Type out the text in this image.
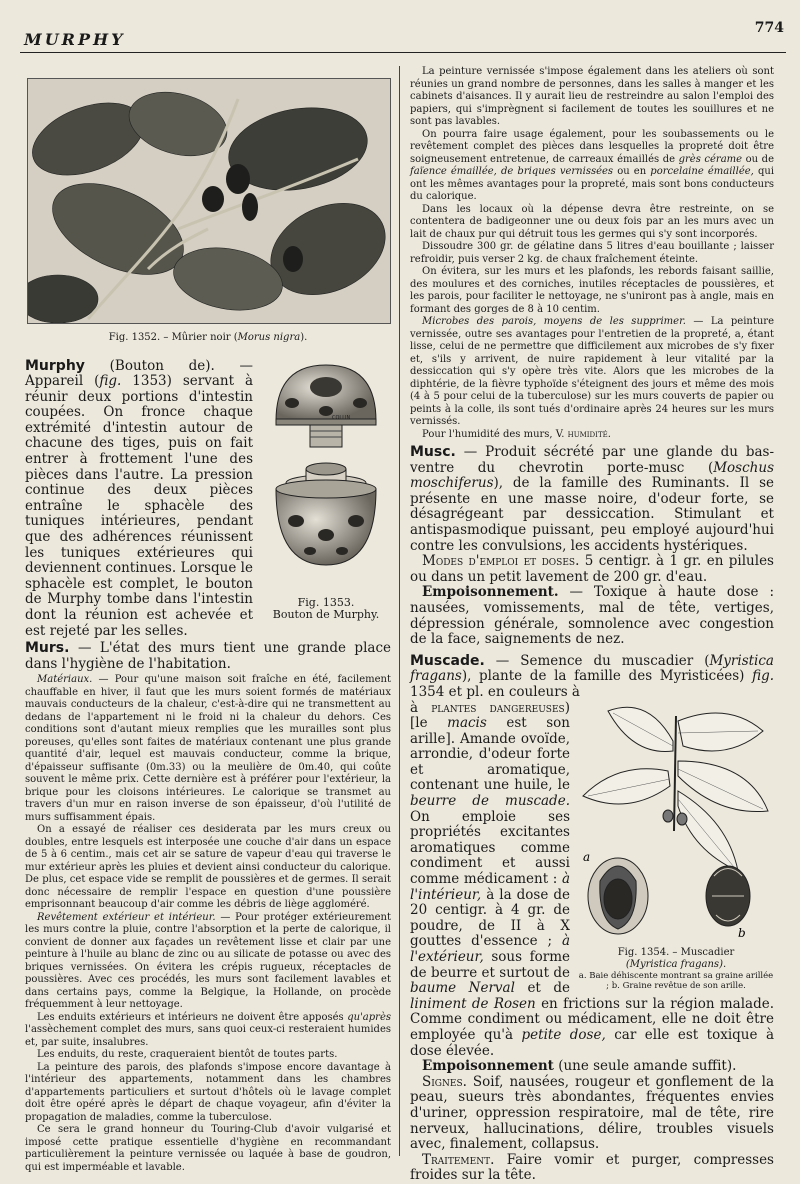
MURPHY
774
Fig. 1352. – Mûrier noir (Morus nigra).
COLLIN
Fig. 1353.
Bouton de Murphy.

Murphy (Bouton de). — Appareil (fig. 1353) servant à réunir deux portions d'intestin coupées. On fronce chaque extrémité d'intestin autour de chacune des tiges, puis on fait entrer à frottement l'une des pièces dans l'autre. La pression continue des deux pièces entraîne le sphacèle des tuniques intérieures, pendant que des adhérences réunissent les tuniques extérieures qui deviennent continues. Lorsque le sphacèle est complet, le bouton de Murphy tombe dans l'intestin dont la réunion est achevée et est rejeté par les selles.

Murs. — L'état des murs tient une grande place dans l'hygiène de l'habitation.

Matériaux. — Pour qu'une maison soit fraîche en été, facilement chauffable en hiver, il faut que les murs soient formés de matériaux mauvais conducteurs de la chaleur, c'est-à-dire qui ne transmettent au dedans de l'appartement ni le froid ni la chaleur du dehors. Ces conditions sont d'autant mieux remplies que les murailles sont plus poreuses, qu'elles sont faites de matériaux contenant une plus grande quantité d'air, lequel est mauvais conducteur, comme la brique, d'épaisseur suffisante (0m.33) ou la meulière de 0m.40, qui coûte souvent le même prix. Cette dernière est à préférer pour l'extérieur, la brique pour les cloisons intérieures. Le calorique se transmet au travers d'un mur en raison inverse de son épaisseur, d'où l'utilité de murs suffisamment épais.

On a essayé de réaliser ces desiderata par les murs creux ou doubles, entre lesquels est interposée une couche d'air dans un espace de 5 à 6 centim., mais cet air se sature de vapeur d'eau qui traverse le mur extérieur après les pluies et devient ainsi conducteur du calorique. De plus, cet espace vide se remplit de poussières et de germes. Il serait donc nécessaire de remplir l'espace en question d'une poussière emprisonnant beaucoup d'air comme les débris de liège aggloméré.

Revêtement extérieur et intérieur. — Pour protéger extérieurement les murs contre la pluie, contre l'absorption et la perte de calorique, il convient de donner aux façades un revêtement lisse et clair par une peinture à l'huile au blanc de zinc ou au silicate de potasse ou avec des briques vernissées. On évitera les crépis rugueux, réceptacles de poussières. Avec ces procédés, les murs sont facilement lavables et dans certains pays, comme la Belgique, la Hollande, on procède fréquemment à leur nettoyage.

Les enduits extérieurs et intérieurs ne doivent être apposés qu'après l'assèchement complet des murs, sans quoi ceux-ci resteraient humides et, par suite, insalubres.

Les enduits, du reste, craqueraient bientôt de toutes parts.

La peinture des parois, des plafonds s'impose encore davantage à l'intérieur des appartements, notamment dans les chambres d'appartements particuliers et surtout d'hôtels où le lavage complet doit être opéré après le départ de chaque voyageur, afin d'éviter la propagation de maladies, comme la tuberculose.

Ce sera le grand honneur du Touring-Club d'avoir vulgarisé et imposé cette pratique essentielle d'hygiène en recommandant particulièrement la peinture vernissée ou laquée à base de goudron, qui est imperméable et lavable.

La peinture vernissée s'impose également dans les ateliers où sont réunies un grand nombre de personnes, dans les salles à manger et les cabinets d'aisances. Il y aurait lieu de restreindre au salon l'emploi des papiers, qui s'imprègnent si facilement de toutes les souillures et ne sont pas lavables.

On pourra faire usage également, pour les soubassements ou le revêtement complet des pièces dans lesquelles la propreté doit être soigneusement entretenue, de carreaux émaillés de grès cérame ou de faïence émaillée, de briques vernissées ou en porcelaine émaillée, qui ont les mêmes avantages pour la propreté, mais sont bons conducteurs du calorique.

Dans les locaux où la dépense devra être restreinte, on se contentera de badigeonner une ou deux fois par an les murs avec un lait de chaux pur qui détruit tous les germes qui s'y sont incorporés.

Dissoudre 300 gr. de gélatine dans 5 litres d'eau bouillante ; laisser refroidir, puis verser 2 kg. de chaux fraîchement éteinte.

On évitera, sur les murs et les plafonds, les rebords faisant saillie, des moulures et des corniches, inutiles réceptacles de poussières, et les parois, pour faciliter le nettoyage, ne s'uniront pas à angle, mais en formant des gorges de 8 à 10 centim.

Microbes des parois, moyens de les supprimer. — La peinture vernissée, outre ses avantages pour l'entretien de la propreté, a, étant lisse, celui de ne permettre que difficilement aux microbes de s'y fixer et, s'ils y arrivent, de nuire rapidement à leur vitalité par la dessiccation qui s'y opère très vite. Alors que les microbes de la diphtérie, de la fièvre typhoïde s'éteignent des jours et même des mois (4 à 5 pour celui de la tuberculose) sur les murs couverts de papier ou peints à la colle, ils sont tués d'ordinaire après 24 heures sur les murs vernissés.

Pour l'humidité des murs, V. humidité.

Musc. — Produit sécrété par une glande du bas-ventre du chevrotin porte-musc (Moschus moschiferus), de la famille des Ruminants. Il se présente en une masse noire, d'odeur forte, se désagrégeant par dessiccation. Stimulant et antispasmodique puissant, peu employé aujourd'hui contre les convulsions, les accidents hystériques.

Modes d'emploi et doses. 5 centigr. à 1 gr. en pilules ou dans un petit lavement de 200 gr. d'eau.

Empoisonnement. — Toxique à haute dose : nausées, vomissements, mal de tête, vertiges, dépression générale, somnolence avec congestion de la face, saignements de nez.

Muscade. — Semence du muscadier (Myristica fragans), plante de la famille des Myristicées) fig. 1354 et pl. en couleurs à

a
b
Fig. 1354. – Muscadier
(Myristica fragans).
a. Baie déhiscente montrant sa graine arillée ; b. Graine revêtue de son arille.

à plantes dangereuses) [le macis est son arille]. Amande ovoïde, arrondie, d'odeur forte et aromatique, contenant une huile, le beurre de muscade. On emploie ses propriétés excitantes aromatiques comme condiment et aussi comme médicament : à l'intérieur, à la dose de 20 centigr. à 4 gr. de poudre, de II à X gouttes d'essence ; à l'extérieur, sous forme de beurre et surtout de baume Nerval et de liniment de Rosen en frictions sur la région malade. Comme condiment ou médicament, elle ne doit être employée qu'à petite dose, car elle est toxique à dose élevée.

Empoisonnement (une seule amande suffit).

Signes. Soif, nausées, rougeur et gonflement de la peau, sueurs très abondantes, fréquentes envies d'uriner, oppression respiratoire, mal de tête, rire nerveux, hallucinations, délire, troubles visuels avec, finalement, collapsus.

Traitement. Faire vomir et purger, compresses froides sur la tête.
